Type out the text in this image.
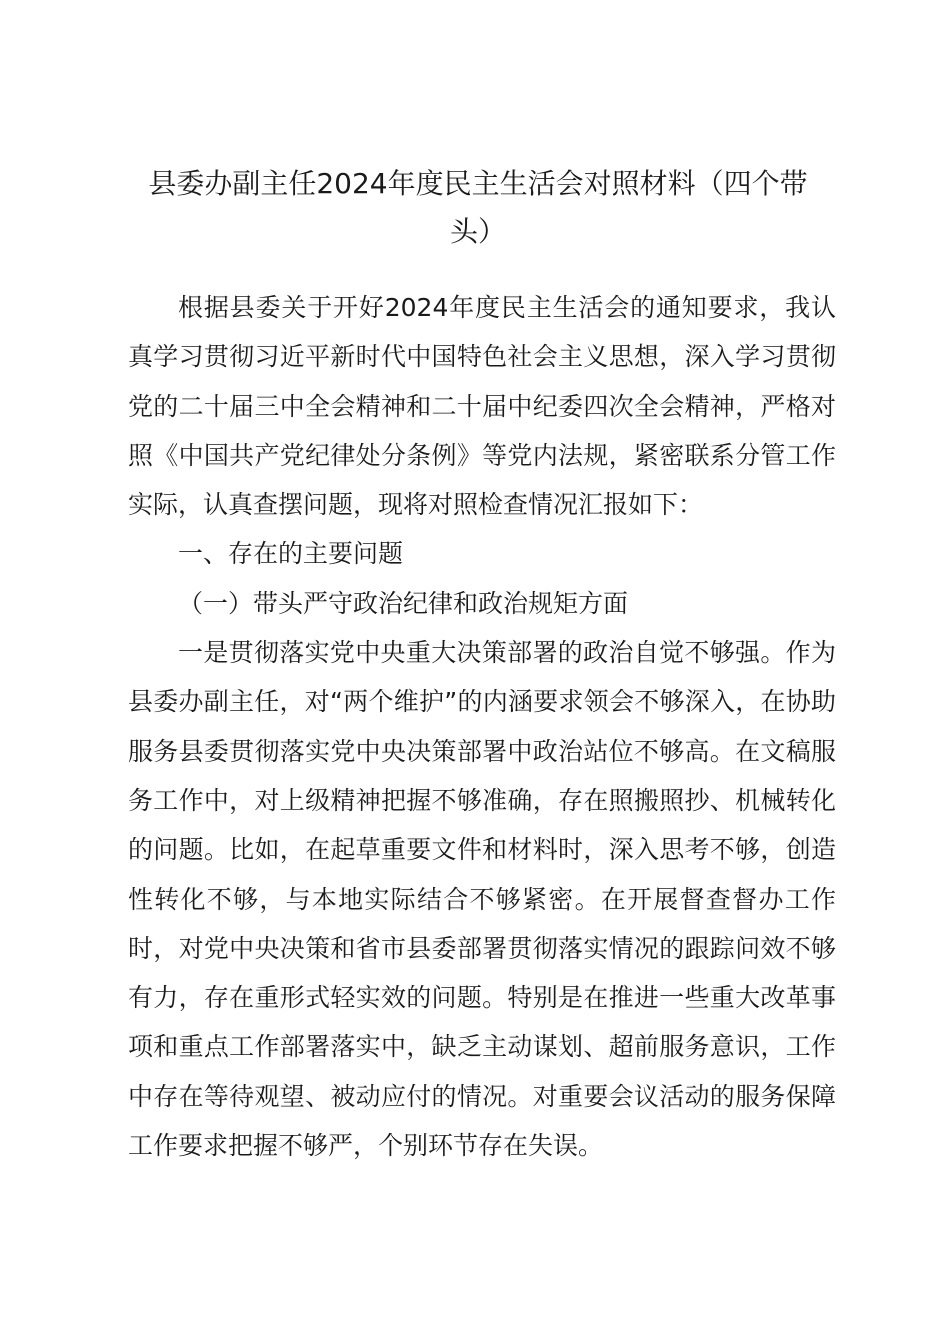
县委办副主任2024年度民主生活会对照材料（四个带头）

根据县委关于开好2024年度民主生活会的通知要求，我认真学习贯彻习近平新时代中国特色社会主义思想，深入学习贯彻党的二十届三中全会精神和二十届中纪委四次全会精神，严格对照《中国共产党纪律处分条例》等党内法规，紧密联系分管工作实际，认真查摆问题，现将对照检查情况汇报如下：

一、存在的主要问题

（一）带头严守政治纪律和政治规矩方面

一是贯彻落实党中央重大决策部署的政治自觉不够强。作为县委办副主任，对“两个维护”的内涵要求领会不够深入，在协助服务县委贯彻落实党中央决策部署中政治站位不够高。在文稿服务工作中，对上级精神把握不够准确，存在照搬照抄、机械转化的问题。比如，在起草重要文件和材料时，深入思考不够，创造性转化不够，与本地实际结合不够紧密。在开展督查督办工作时，对党中央决策和省市县委部署贯彻落实情况的跟踪问效不够有力，存在重形式轻实效的问题。特别是在推进一些重大改革事项和重点工作部署落实中，缺乏主动谋划、超前服务意识，工作中存在等待观望、被动应付的情况。对重要会议活动的服务保障工作要求把握不够严，个别环节存在失误。
